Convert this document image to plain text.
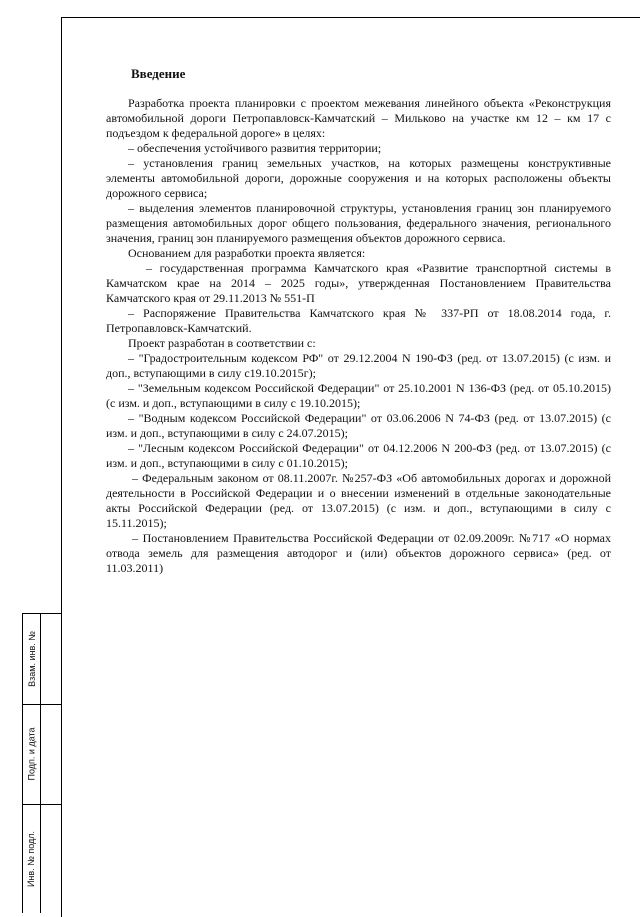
Взам. инв. №
Подп. и дата
Инв. № подл.
Введение

Разработка проекта планировки с проектом межевания линейного объекта «Реконструкция автомобильной дороги Петропавловск-Камчатский – Мильково на участке км 12 – км 17 с подъездом к федеральной дороге» в целях:

– обеспечения устойчивого развития территории;

– установления границ земельных участков, на которых размещены конструктивные элементы автомобильной дороги, дорожные сооружения и на которых расположены объекты дорожного сервиса;

– выделения элементов планировочной структуры, установления границ зон планируемого размещения автомобильных дорог общего пользования, федерального значения, регионального значения, границ зон планируемого размещения объектов дорожного сервиса.

Основанием для разработки проекта является:

– государственная программа Камчатского края «Развитие транспортной системы в Камчатском крае на 2014 – 2025 годы», утвержденная Постановлением Правительства Камчатского края от 29.11.2013 № 551-П

– Распоряжение Правительства Камчатского края № 337-РП от 18.08.2014 года, г. Петропавловск-Камчатский.

Проект разработан в соответствии с:

– "Градостроительным кодексом РФ" от 29.12.2004 N 190-ФЗ (ред. от 13.07.2015) (с изм. и доп., вступающими в силу с19.10.2015г);

– "Земельным кодексом Российской Федерации" от 25.10.2001 N 136-ФЗ (ред. от 05.10.2015) (с изм. и доп., вступающими в силу с 19.10.2015);

– "Водным кодексом Российской Федерации" от 03.06.2006 N 74-ФЗ (ред. от 13.07.2015) (с изм. и доп., вступающими в силу с 24.07.2015);

– "Лесным кодексом Российской Федерации" от 04.12.2006 N 200-ФЗ (ред. от 13.07.2015) (с изм. и доп., вступающими в силу с 01.10.2015);

– Федеральным законом от 08.11.2007г. №257-ФЗ «Об автомобильных дорогах и дорожной деятельности в Российской Федерации и о внесении изменений в отдельные законодательные акты Российской Федерации (ред. от 13.07.2015) (с изм. и доп., вступающими в силу с 15.11.2015);

– Постановлением Правительства Российской Федерации от 02.09.2009г. №717 «О нормах отвода земель для размещения автодорог и (или) объектов дорожного сервиса» (ред. от 11.03.2011)
